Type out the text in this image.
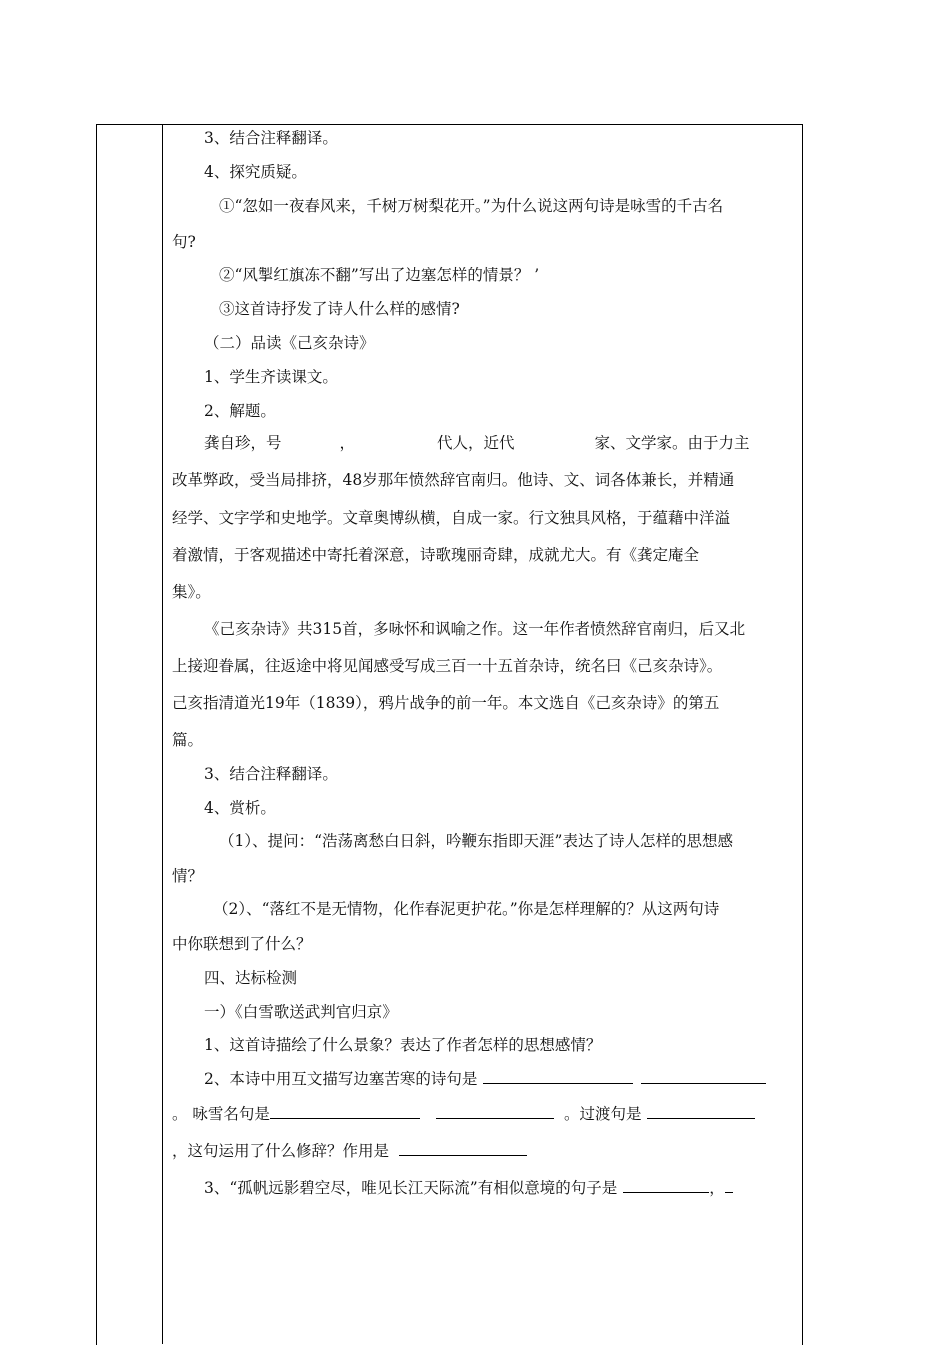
3、结合注释翻译。
4、探究质疑。
①“忽如一夜春风来，千树万树梨花开。”为什么说这两句诗是咏雪的千古名
句?
②“风掣红旗冻不翻”写出了边塞怎样的情景？ ’
③这首诗抒发了诗人什么样的感情?
（二）品读《己亥杂诗》
1、学生齐读课文。
2、解题。
龚自珍，号	，	代人，近代	家、文学家。由于力主
改革弊政，受当局排挤，48岁那年愤然辞官南归。他诗、文、词各体兼长，并精通
经学、文字学和史地学。文章奥博纵横，自成一家。行文独具风格，于蕴藉中洋溢
着激情，于客观描述中寄托着深意，诗歌瑰丽奇肆，成就尤大。有《龚定庵全
集》。
《己亥杂诗》共315首，多咏怀和讽喻之作。这一年作者愤然辞官南归，后又北
上接迎眷属，往返途中将见闻感受写成三百一十五首杂诗，统名曰《己亥杂诗》。
己亥指清道光19年（1839），鸦片战争的前一年。本文选自《己亥杂诗》的第五
篇。
3、结合注释翻译。
4、赏析。
（1）、提问：“浩荡离愁白日斜，吟鞭东指即天涯”表达了诗人怎样的思想感
情？
（2）、“落红不是无情物，化作春泥更护花。”你是怎样理解的？从这两句诗
中你联想到了什么？
四、达标检测
一）《白雪歌送武判官归京》
1、这首诗描绘了什么景象？表达了作者怎样的思想感情？
2、本诗中用互文描写边塞苦寒的诗句是
。 咏雪名句是	。过渡句是
，这句运用了什么修辞？作用是
3、“孤帆远影碧空尽，唯见长江天际流”有相似意境的句子是	，
